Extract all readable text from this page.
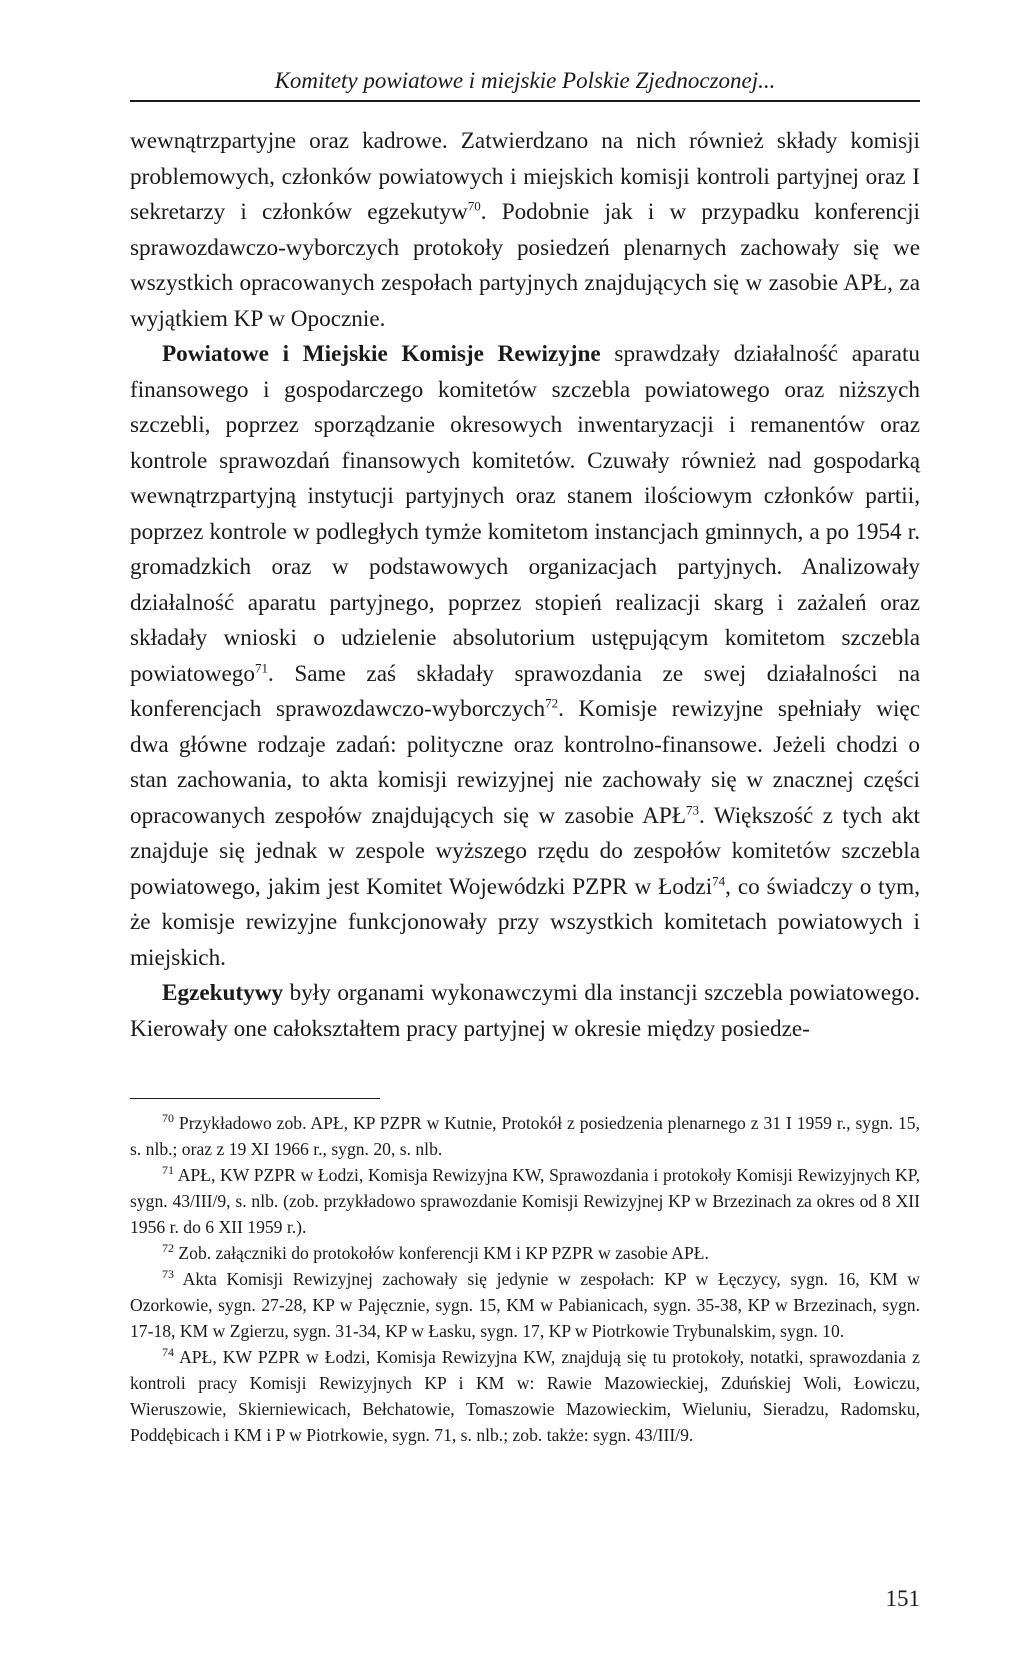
Komitety powiatowe i miejskie Polskie Zjednoczonej...

wewnątrzpartyjne oraz kadrowe. Zatwierdzano na nich również składy komisji problemowych, członków powiatowych i miejskich komisji kontroli partyjnej oraz I sekretarzy i członków egzekutyw$^{70}$. Podobnie jak i w przypadku konferencji sprawozdawczo-wyborczych protokoły posiedzeń plenarnych zachowały się we wszystkich opracowanych zespołach partyjnych znajdujących się w zasobie APŁ, za wyjątkiem KP w Opocznie.

Powiatowe i Miejskie Komisje Rewizyjne sprawdzały działalność aparatu finansowego i gospodarczego komitetów szczebla powiatowego oraz niższych szczebli, poprzez sporządzanie okresowych inwentaryzacji i remanentów oraz kontrole sprawozdań finansowych komitetów. Czuwały również nad gospodarką wewnątrzpartyjną instytucji partyjnych oraz stanem ilościowym członków partii, poprzez kontrole w podległych tymże komitetom instancjach gminnych, a po 1954 r. gromadzkich oraz w podstawowych organizacjach partyjnych. Analizowały działalność aparatu partyjnego, poprzez stopień realizacji skarg i zażaleń oraz składały wnioski o udzielenie absolutorium ustępującym komitetom szczebla powiatowego$^{71}$. Same zaś składały sprawozdania ze swej działalności na konferencjach sprawozdawczo-wyborczych$^{72}$. Komisje rewizyjne spełniały więc dwa główne rodzaje zadań: polityczne oraz kontrolno-finansowe. Jeżeli chodzi o stan zachowania, to akta komisji rewizyjnej nie zachowały się w znacznej części opracowanych zespołów znajdujących się w zasobie APŁ$^{73}$. Większość z tych akt znajduje się jednak w zespole wyższego rzędu do zespołów komitetów szczebla powiatowego, jakim jest Komitet Wojewódzki PZPR w Łodzi$^{74}$, co świadczy o tym, że komisje rewizyjne funkcjonowały przy wszystkich komitetach powiatowych i miejskich.

Egzekutywy były organami wykonawczymi dla instancji szczebla powiatowego. Kierowały one całokształtem pracy partyjnej w okresie między posiedze-

$^{70}$ Przykładowo zob. APŁ, KP PZPR w Kutnie, Protokół z posiedzenia plenarnego z 31 I 1959 r., sygn. 15, s. nlb.; oraz z 19 XI 1966 r., sygn. 20, s. nlb.

$^{71}$ APŁ, KW PZPR w Łodzi, Komisja Rewizyjna KW, Sprawozdania i protokoły Komisji Rewizyjnych KP, sygn. 43/III/9, s. nlb. (zob. przykładowo sprawozdanie Komisji Rewizyjnej KP w Brzezinach za okres od 8 XII 1956 r. do 6 XII 1959 r.).

$^{72}$ Zob. załączniki do protokołów konferencji KM i KP PZPR w zasobie APŁ.

$^{73}$ Akta Komisji Rewizyjnej zachowały się jedynie w zespołach: KP w Łęczycy, sygn. 16, KM w Ozorkowie, sygn. 27-28, KP w Pajęcznie, sygn. 15, KM w Pabianicach, sygn. 35-38, KP w Brzezinach, sygn. 17-18, KM w Zgierzu, sygn. 31-34, KP w Łasku, sygn. 17, KP w Piotrkowie Trybunalskim, sygn. 10.

$^{74}$ APŁ, KW PZPR w Łodzi, Komisja Rewizyjna KW, znajdują się tu protokoły, notatki, sprawozdania z kontroli pracy Komisji Rewizyjnych KP i KM w: Rawie Mazowieckiej, Zduńskiej Woli, Łowiczu, Wieruszowie, Skierniewicach, Bełchatowie, Tomaszowie Mazowieckim, Wieluniu, Sieradzu, Radomsku, Poddębicach i KM i P w Piotrkowie, sygn. 71, s. nlb.; zob. także: sygn. 43/III/9.

151
